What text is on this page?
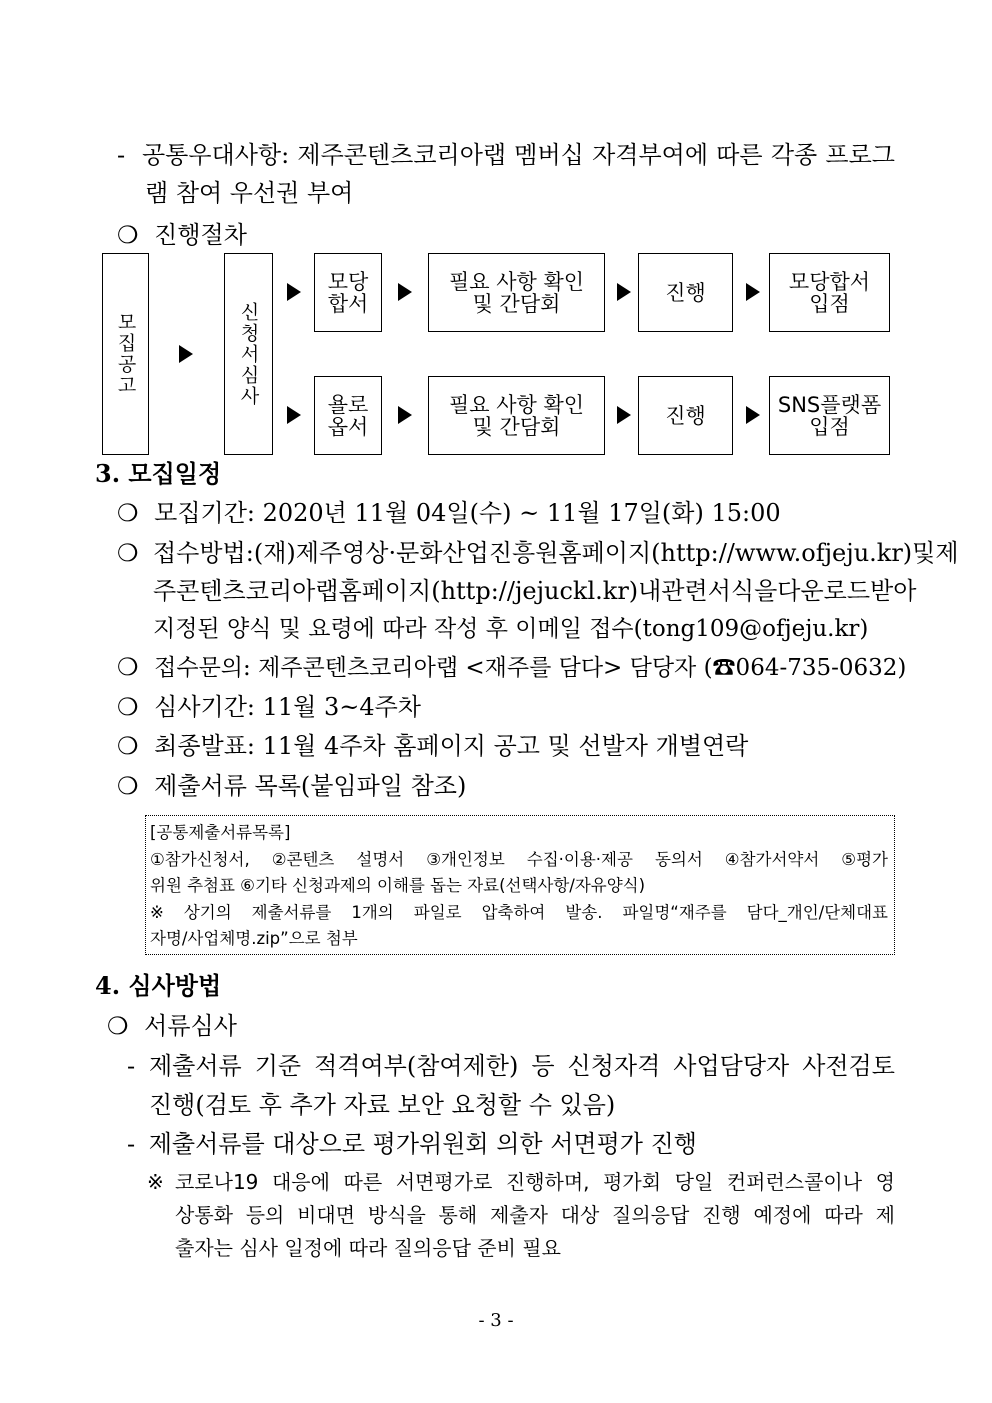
- 공통우대사항: 제주콘텐츠코리아랩 멤버십 자격부여에 따른 각종 프로그
램 참여 우선권 부여
❍ 진행절차
모집공고	신청서심사
모당
합서
필요 사항 확인
및 간담회	진행	모당합서
입점
욜로
옵서
필요 사항 확인
및 간담회	진행	SNS플랫폼
입점
3. 모집일정
❍ 모집기간: 2020년 11월 04일(수) ~ 11월 17일(화) 15:00
❍ 접수방법: (재)제주영상·문화산업진흥원 홈페이지(http://www.ofjeju.kr) 및 제
주콘텐츠코리아랩 홈페이지(http://jejuckl.kr) 내 관련 서식을 다운로드받아
지정된 양식 및 요령에 따라 작성 후 이메일 접수(tong109@ofjeju.kr)
❍ 접수문의: 제주콘텐츠코리아랩 <재주를 담다> 담당자 (☎064-735-0632)
❍ 심사기간: 11월 3~4주차
❍ 최종발표: 11월 4주차 홈페이지 공고 및 선발자 개별연락
❍ 제출서류 목록(붙임파일 참조)
[공통제출서류목록]
①참가신청서, ②콘텐츠 설명서 ③개인정보 수집·이용·제공 동의서 ④참가서약서 ⑤평가
위원 추첨표 ⑥기타 신청과제의 이해를 돕는 자료(선택사항/자유양식)
※ 상기의 제출서류를 1개의 파일로 압축하여 발송. 파일명“재주를 담다_개인/단체대표
자명/사업체명.zip”으로 첨부
4. 심사방법
❍ 서류심사
- 제출서류 기준 적격여부(참여제한) 등 신청자격 사업담당자 사전검토
진행(검토 후 추가 자료 보안 요청할 수 있음)
- 제출서류를 대상으로 평가위원회 의한 서면평가 진행
※ 코로나19 대응에 따른 서면평가로 진행하며, 평가회 당일 컨퍼런스콜이나 영
상통화 등의 비대면 방식을 통해 제출자 대상 질의응답 진행 예정에 따라 제
출자는 심사 일정에 따라 질의응답 준비 필요
- 3 -
